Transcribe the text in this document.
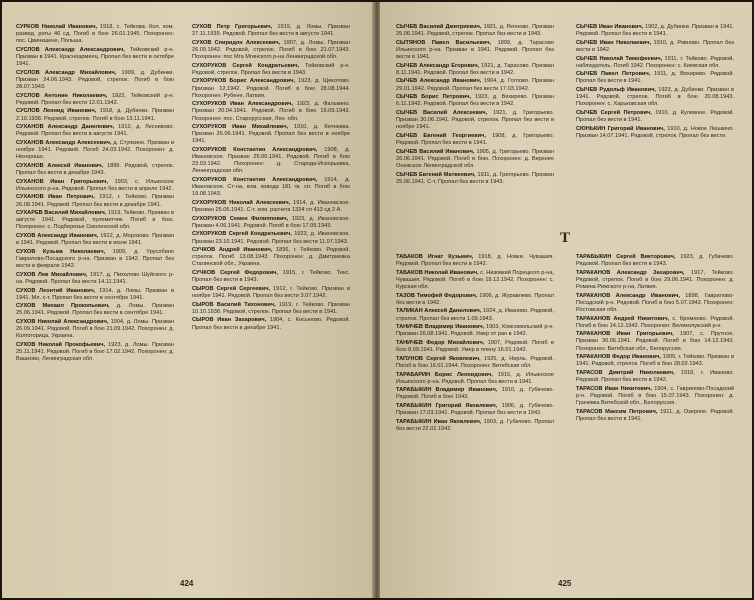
СУРКОВ Николай Иванович, 1918, с. Тейкова. Кол. ком. развед. роты 46 сд. Погиб в бою 26.01.1945. Похоронен: пос. Цвинкшене, Польша.

СУСЛОВ Александр Александрович, Тейковский р-н. Призван в 1941. Красноармеец. Пропал без вести в октябре 1941.

СУСЛОВ Александр Михайлович, 1909, д. Дубинки. Призван 24.06.1943. Рядовой, стрелок. Погиб в бою 28.07.1943.

СУСЛОВ Антонин Николаевич, 1922, Тейковский р-н. Рядовой. Пропал без вести 12.01.1942.

СУСЛОВ Леонид Иванович, 1918, д. Дубинки. Призван 2.10.1938. Рядовой, стрелок. Погиб в бою 13.11.1941.

СУХАНОВ Александр Данилович, 1912, д. Лесниково. Рядовой. Пропал без вести в августе 1941.

СУХАНОВ Александр Алексеевич, д. Ступкино. Призван в ноябре 1941. Рядовой. Погиб 24.03.1942. Похоронен: д. Нехорошо.

СУХАНОВ Алексей Иванович, 1899. Рядовой, стрелок. Пропал без вести в декабре 1943.

СУХАНОВ Иван Григорьевич, 1903, с. Ильинское Ильинского р-на. Рядовой. Пропал без вести в апреле 1942.

СУХАНОВ Иван Петрович, 1912, г. Тейково. Призван 26.08.1941. Рядовой. Пропал без вести в декабре 1941.

СУХАРЕВ Василий Михайлович, 1919, Тейково. Призван в августе 1941. Рядовой, пулеметчик. Погиб в бою. Похоронен: с. Подберезье Смоленской обл.

СУХОВ Александр Иванович, 1912, д. Морозово. Призван в 1941. Рядовой. Пропал без вести в июле 1941.

СУХОВ Кузьма Николаевич, 1909, д. Урусобино Гавриловo-Посадского р-на. Призван в 1942. Пропал без вести в феврале 1942.

СУХОВ Лев Михайлович, 1917, д. Пихолово Шуйского р-на. Рядовой. Пропал без вести 14.11.1941.

СУХОВ Леонтий Иванович, 1914, д. Ломы. Призван в 1941. Мл. с-т. Пропал без вести в сентябре 1941.

СУХОВ Михаил Прокопьевич, д. Ломы. Призван 25.06.1941. Рядовой. Пропал без вести в сентябре 1941.

СУХОВ Николай Александрович, 1904, д. Ломы. Призван 26.09.1941. Рядовой. Погиб в бою 21.09.1942. Похоронен: д. Колгогорица, Украина.

СУХОВ Николай Прокофьевич, 1923, д. Ломы. Призван 25.11.1941. Рядовой. Погиб в бою 17.02.1942. Похоронен: д. Вашково, Ленинградская обл.

СУХОВ Петр Григорьевич, 1919, д. Ломы. Призван 27.11.1939. Рядовой. Пропал без вести в августе 1941.

СУХОВ Спиридон Алексеевич, 1907, д. Ломы. Призван 26.09.1942. Рядовой, стрелок. Погиб в бою 21.07.1943. Похоронен: пос Мга Мгинского р-на Ленинградской обл.

СУХОРУКОВ Сергей Кондратьевич, Тейковский р-н. Рядовой, стрелок. Пропал без вести в 1943.

СУХОРУКОВ Борис Александрович, 1923, д. Щекотово. Призван 12.1942. Рядовой. Погиб в бою 28.08.1944. Похоронен: Рубене, Латвия.

СУХОРУКОВ Иван Александрович, 1923, д. Фалькино. Призван 20.04.1941. Рядовой. Погиб в бою 19.09.1943. Похоронен: пос. Старорусская, Лен. обл.

СУХОРУКОВ Иван Михайлович, 1910, д. Кочневка. Призван 26.06.1941. Рядовой. Пропал без вести в ноябре 1941.

СУХОРУКОВ Константин Александрович, 1908, д. Ивановское. Призван 25.06.1941. Рядовой. Погиб в бою 23.03.1942. Похоронен: д. Старода-Искорьевка, Ленинградская обл.

СУХОРУКОВ Константин Александрович, 1914, д. Ивановское. Ст-на, ком. взвода 181 гв. сп. Погиб в бою 19.08.1943.

СУХОРУКОВ Николай Алексеевич, 1914, д. Ивановское. Призван 25.06.1941. С-т. ком. расчета 1324 сп 413 сд 2 А.

СУХОРУКОВ Семен Филиппович, 1923, д. Ивановское. Призван 4.06.1941. Рядовой. Погиб в бою 17.09.1943.

СУХОРУКОВ Сергей Кондратьевич, 1923, д. Ивановское. Призван 23.10.1941. Рядовой. Пропал без вести 11.07.1943.

СУЧКОВ Андрей Иванович, 1896, г. Тейково. Рядовой, стрелок. Погиб 13.08.1943. Похоронен: д. Дмитриевка Сталинской обл., Украина.

СУЧКОВ Сергей Федорович, 1915, г. Тейково. Текс. Пропал без вести в 1943.

СЫРОВ Сергей Сергеевич, 1912, г. Тейково. Призван в ноябре 1941. Рядовой. Пропал без вести 3.07.1942.

СЫРОВ Василий Тихонович, 1919, г. Тейково. Призван 10.10.1938. Рядовой, стрелок. Пропал без вести в 1941.

СЫРОВ Иван Захарович, 1904, с. Кнсыново. Рядовой. Пропал без вести в декабре 1941.

424

СЫЧЕВ Василий Дмитриевич, 1921, д. Репново. Призван 25.06.1941. Рядовой, стрелок. Пропал без вести в 1943.

СЫТЯНОВ Павел Васильевич, 1899, д. Тарасово Ильинского р-на. Призван в 1941. Рядовой. Пропал без вести в 1941.

СЫЧЕВ Александр Егорович, 1921, д. Тарасово. Призван 8.11.1941. Рядовой. Пропал без вести в 1942.

СЫЧЕВ Александр Иванович, 1904, д. Гоглово. Призван 29.01.1942. Рядовой. Пропал без вести 17.03.1942.

СЫЧЕВ Борис Петрович, 1923, д. Вяхирево. Призван 6.11.1942. Рядовой. Пропал без вести в 1942.

СЫЧЕВ Василий Алексеевич, 1921, д. Григорьево. Призван 30.06.1941. Рядовой, стрелок. Пропал без вести в ноябре 1941.

СЫЧЕВ Евгений Георгиевич, 1908, д. Григорьево. Рядовой. Пропал без вести в 1941.

СЫЧЕВ Василий Иванович, 1905, д. Григорьево. Призван 26.06.1941. Рядовой. Погиб в бою. Похоронен: д. Верхнее Онежское Ленинградской обл.

СЫЧЕВ Евгений Матвеевич, 1911, д. Григорьево. Призван 25.06.1941. С-т. Пропал без вести в 1943.

СЫЧЕВ Иван Иванович, 1902, д. Дубинки. Призван в 1941. Рядовой. Пропал без вести в 1941.

СЫЧЕВ Иван Николаевич, 1910, д. Рявново. Пропал без вести в 1942.

СЫЧЕВ Николай Тимофеевич, 1911, г. Тейково. Рядовой, наблюдатель. Погиб 1942. Похоронен: с. Киевская обл.

СЫЧЕВ Павел Петрович, 1911, д. Вяхирево. Рядовой. Пропал без вести в 1941.

СЫЧЕВ Рудольф Иванович, 1923, д. Дубинки. Призван в 1941. Рядовой, стрелок. Погиб в бою 20.08.1943. Похоронен: с. Харьковская обл.

СЫЧЕВ Сергей Петрович, 1910, д. Кулевное. Рядовой. Пропал без вести в 1941.

СЮНЬКИН Григорий Иванович, 1910, д. Новое Лешкино. Призван 14.07.1941. Рядовой, стрелок. Пропал без вести.

Т

ТАБАКОВ Игнат Кузьмич, 1918, д. Новки. Чувашия. Рядовой. Пропал без вести в 1942.

ТАБАКОВ Николай Иванович, с. Низовкий Порецкого р-на, Чувашия. Рядовой. Погиб в бою 19.12.1942. Похоронен: с. Курская обл.

ТАЗОВ Тимофей Федорович, 1906, д. Журавлево. Пропал без вести в 1942.

ТАЛИКАН Алексей Данилович, 1924, д. Иваново. Рядовой, стрелок. Пропал без вести 1.09.1943.

ТАНИЧЕВ Владимир Иванович, 1903, Комсомольский р-н. Призван 26.08.1941. Рядовой. Умер от ран в 1942.

ТАНИЧЕВ Федор Михайлович, 1907, Рядовой. Погиб в бою 8.09.1941. Рядовой. Умер в плену 16.01.1942.

ТАПУНОВ Сергей Яковлевич, 1925, д. Нерль. Рядовой. Погиб в бою 16.01.1944. Похоронен: Витебская обл.

ТАРАБАРИН Борис Леонидович, 1916, д. Ильинское Ильинского р-на. Рядовой. Пропал без вести в 1941.

ТАРАБЫКИН Владимир Иванович, 1910, д. Губачево. Рядовой. Погиб в бою 1943.

ТАРАБЫКИН Григорий Яковлевич, 1906, д. Губачево. Призван 17.03.1941. Рядовой. Пропал без вести в 1942.

ТАРАБЫКИН Иван Яковлевич, 1903, д. Губачево. Пропал без вести 22.02.1942.

ТАРАБЫКИН Сергей Викторович, 1923, д. Губачево. Рядовой. Пропал без вести в 1943.

ТАРАКАНОВ Александр Захарович, 1917, Тейково. Рядовой, стрелок. Погиб в бою 29.06.1941. Похоронен: д. Ромина Рижского р-на, Латвия.

ТАРАКАНОВ Александр Иванович, 1898, Гавриловo-Посадский р-н. Рядовой. Погиб в бою 5.07.1942. Похоронен: Ростовская обл.

ТАРАКАНОВ Андрей Никитович, с. Кромнево. Рядовой. Погиб в бою 14.12.1942. Похоронен: Великолукский р-н.

ТАРАКАНОВ Иван Григорьевич, 1907, с. Прутное. Призван 30.06.1941. Рядовой. Погиб в бою 14.12.1943. Похоронен: Витебская обл., Белоруссия.

ТАРАКАНОВ Федор Иванович, 1909, г. Тейково. Призван в 1941. Рядовой, стрелок. Погиб в бою 28.02.1943.

ТАРАСОВ Дмитрий Николаевич, 1918, г. Иваново. Рядовой. Пропал без вести в 1942.

ТАРАСОВ Иван Никитович, 1904, с. Гавриловo-Посадский р-н. Рядовой. Погиб в бою 15.07.1943. Похоронен: д. Грачевка Витебской обл., Белоруссия.

ТАРАСОВ Максим Петрович, 1911, д. Озерное. Рядовой. Пропал без вести в 1941.

425
